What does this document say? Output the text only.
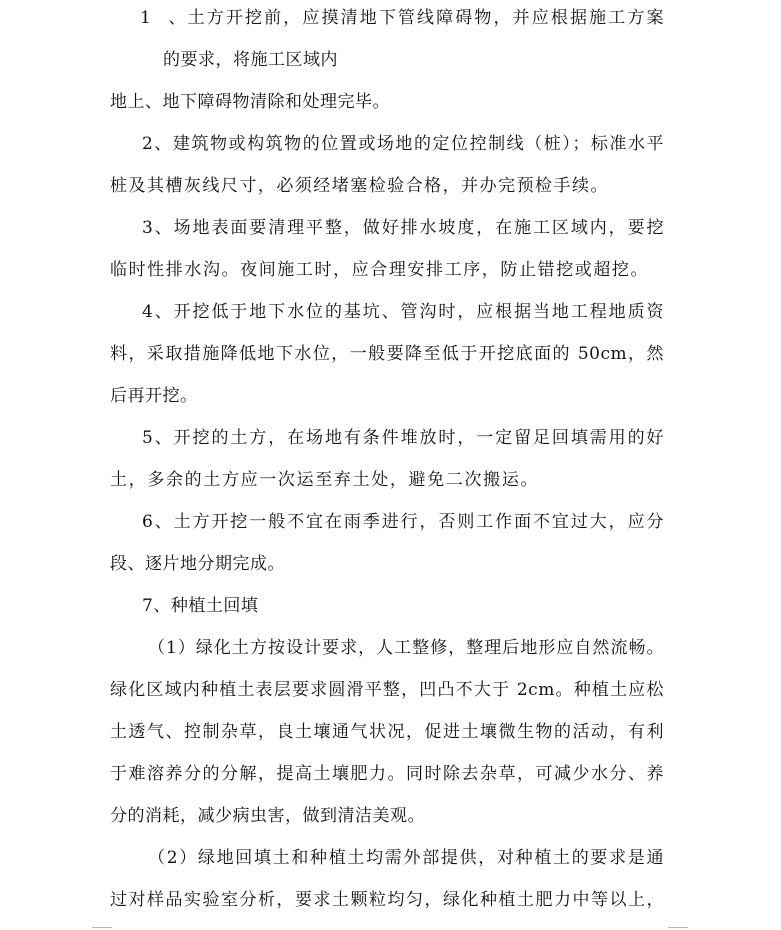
1、土方开挖前，应摸清地下管线障碍物，并应根据施工方案
的要求，将施工区域内
地上、地下障碍物清除和处理完毕。
2、建筑物或构筑物的位置或场地的定位控制线（桩）；标准水平
桩及其槽灰线尺寸，必须经堵塞检验合格，并办完预检手续。
3、场地表面要清理平整，做好排水坡度，在施工区域内，要挖
临时性排水沟。夜间施工时，应合理安排工序，防止错挖或超挖。
4、开挖低于地下水位的基坑、管沟时，应根据当地工程地质资
料，采取措施降低地下水位，一般要降至低于开挖底面的 50cm，然
后再开挖。
5、开挖的土方，在场地有条件堆放时，一定留足回填需用的好
土，多余的土方应一次运至弃土处，避免二次搬运。
6、土方开挖一般不宜在雨季进行，否则工作面不宜过大，应分
段、逐片地分期完成。
7、种植土回填
（1）绿化土方按设计要求，人工整修，整理后地形应自然流畅。
绿化区域内种植土表层要求圆滑平整，凹凸不大于 2cm。种植土应松
土透气、控制杂草，良土壤通气状况，促进土壤微生物的活动，有利
于难溶养分的分解，提高土壤肥力。同时除去杂草，可减少水分、养
分的消耗，减少病虫害，做到清洁美观。
（2）绿地回填土和种植土均需外部提供，对种植土的要求是通
过对样品实验室分析，要求土颗粒均匀，绿化种植土肥力中等以上，
